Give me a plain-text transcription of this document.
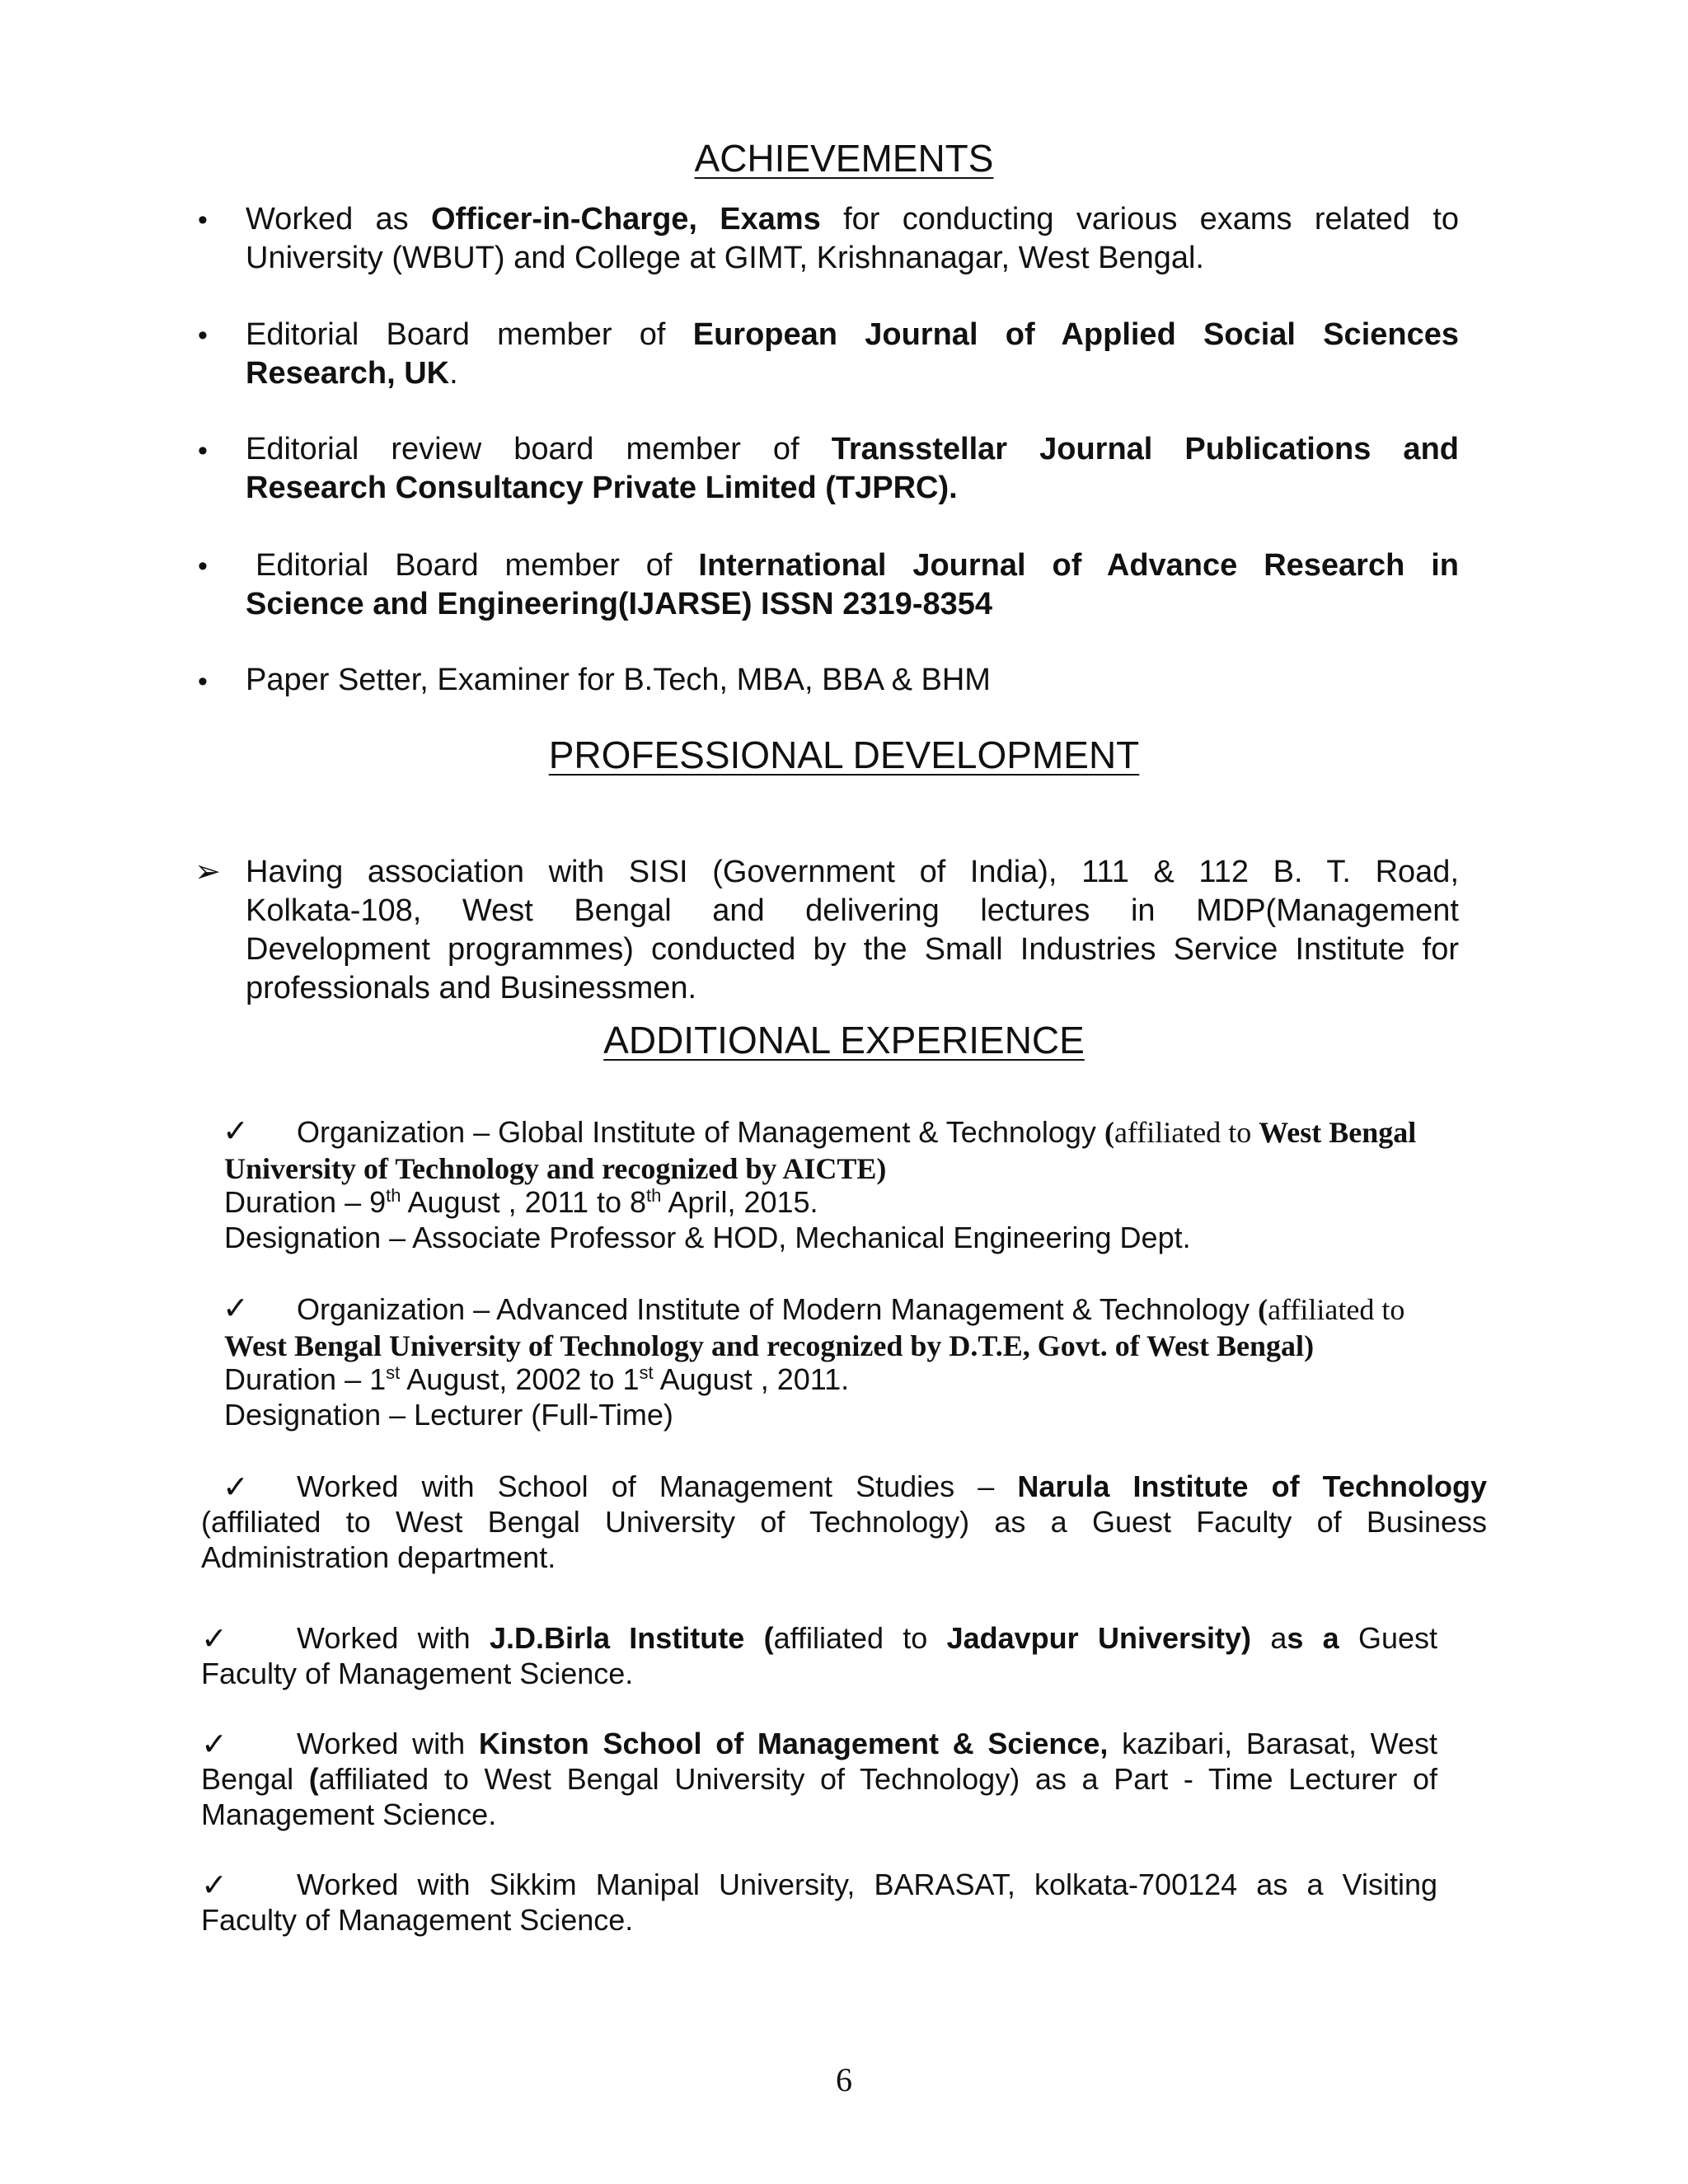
ACHIEVEMENTS
• Worked as Officer-in-Charge, Exams for conducting various exams related to
University (WBUT) and College at GIMT, Krishnanagar, West Bengal.
• Editorial Board member of European Journal of Applied Social Sciences
Research, UK.
• Editorial review board member of Transstellar Journal Publications and
Research Consultancy Private Limited (TJPRC).
•	Editorial Board member of International Journal of Advance Research in
Science and Engineering(IJARSE) ISSN 2319-8354
• Paper Setter, Examiner for B.Tech, MBA, BBA & BHM
PROFESSIONAL DEVELOPMENT
➢ Having association with SISI (Government of India), 111 & 112 B. T. Road,
Kolkata-108, West Bengal and delivering lectures in MDP(Management
Development programmes) conducted by the Small Industries Service Institute for
professionals and Businessmen.
ADDITIONAL EXPERIENCE
✓ Organization – Global Institute of Management & Technology (affiliated to West Bengal
University of Technology and recognized by AICTE)
Duration – 9th August , 2011 to 8th April, 2015.
Designation – Associate Professor & HOD, Mechanical Engineering Dept.
✓ Organization – Advanced Institute of Modern Management & Technology (affiliated to
West Bengal University of Technology and recognized by D.T.E, Govt. of West Bengal)
Duration – 1st August, 2002 to 1st August , 2011.
Designation – Lecturer (Full-Time)
✓	Worked with School of Management Studies – Narula Institute of Technology
(affiliated to West Bengal University of Technology) as a Guest Faculty of Business
Administration department.
✓	Worked with J.D.Birla Institute (affiliated to Jadavpur University) as a Guest
Faculty of Management Science.
✓	Worked with Kinston School of Management & Science, kazibari, Barasat, West
Bengal (affiliated to West Bengal University of Technology) as a Part - Time Lecturer of
Management Science.
✓	Worked with Sikkim Manipal University, BARASAT, kolkata-700124 as a Visiting
Faculty of Management Science.
6
